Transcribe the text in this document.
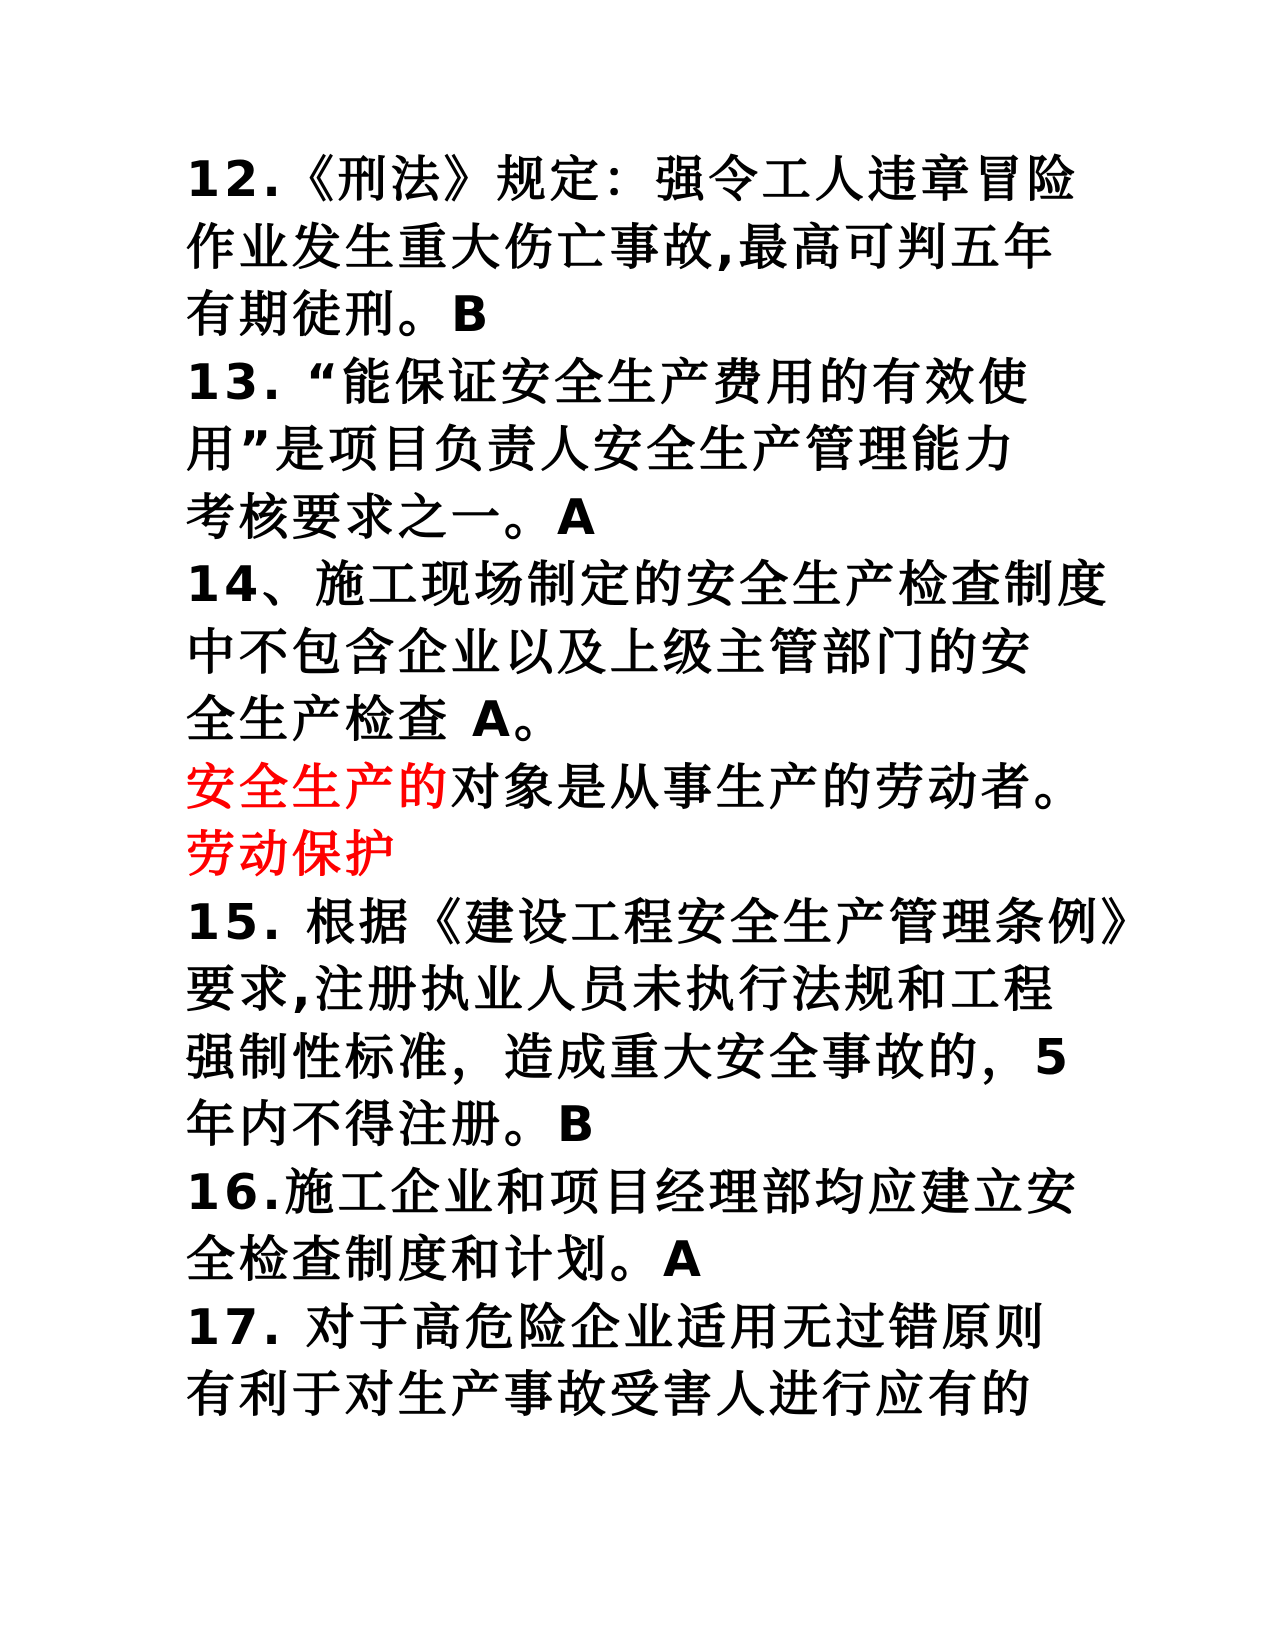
12.《刑法》规定：强令工人违章冒险
作业发生重大伤亡事故,最高可判五年
有期徒刑。B
13. “能保证安全生产费用的有效使
用”是项目负责人安全生产管理能力
考核要求之一。A
14、施工现场制定的安全生产检查制度
中不包含企业以及上级主管部门的安
全生产检查 A。
安全生产的对象是从事生产的劳动者。
劳动保护
15. 根据《建设工程安全生产管理条例》
要求,注册执业人员未执行法规和工程
强制性标准，造成重大安全事故的，5
年内不得注册。B
16.施工企业和项目经理部均应建立安
全检查制度和计划。A
17. 对于高危险企业适用无过错原则
有利于对生产事故受害人进行应有的
